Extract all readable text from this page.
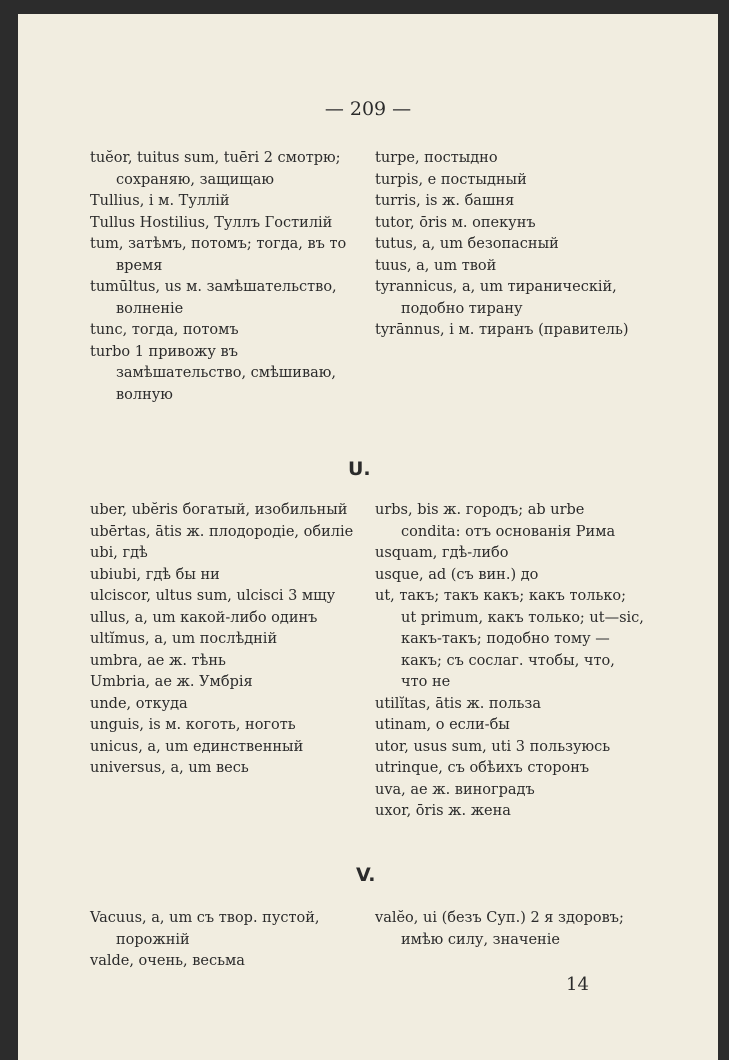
— 209 —
tuĕor, tuitus sum, tuēri 2 смотрю; сохраняю, защищаю
Tullius, i м. Туллій
Tullus Hostilius, Туллъ Гостилій
tum, затѣмъ, потомъ; тогда, въ то время
tumūltus, us м. замѣшательство, волненіе
tunc, тогда, потомъ
turbo 1 привожу въ замѣшательство, смѣшиваю, волную
turpe, постыдно
turpis, e постыдный
turris, is ж. башня
tutor, ōris м. опекунъ
tutus, a, um безопасный
tuus, a, um твой
tyrannicus, a, um тираническій, подобно тирану
tyrānnus, i м. тиранъ (правитель)
U.
uber, ubĕris богатый, изобильный
ubērtas, ātis ж. плодородіе, обиліе
ubi, гдѣ
ubiubi, гдѣ бы ни
ulciscor, ultus sum, ulcisci 3 мщу
ullus, a, um какой-либо одинъ
ultĭmus, a, um послѣдній
umbra, ae ж. тѣнь
Umbria, ae ж. Умбрія
unde, откуда
unguis, is м. коготь, ноготь
unicus, a, um единственный
universus, a, um весь
urbs, bis ж. городъ; ab urbe condita: отъ основанія Рима
usquam, гдѣ-либо
usque, ad (съ вин.) до
ut, такъ; такъ какъ; какъ только; ut primum, какъ только; ut—sic, какъ-такъ; подобно тому — какъ; съ сослаг. чтобы, что, что не
utilĭtas, ātis ж. польза
utinam, о если-бы
utor, usus sum, uti 3 пользуюсь
utrinque, съ обѣихъ сторонъ
uva, ae ж. виноградъ
uxor, ōris ж. жена
V.
Vacuus, a, um съ твор. пустой, порожній
valde, очень, весьма
valĕo, ui (безъ Суп.) 2 я здоровъ; имѣю силу, значеніе
14
